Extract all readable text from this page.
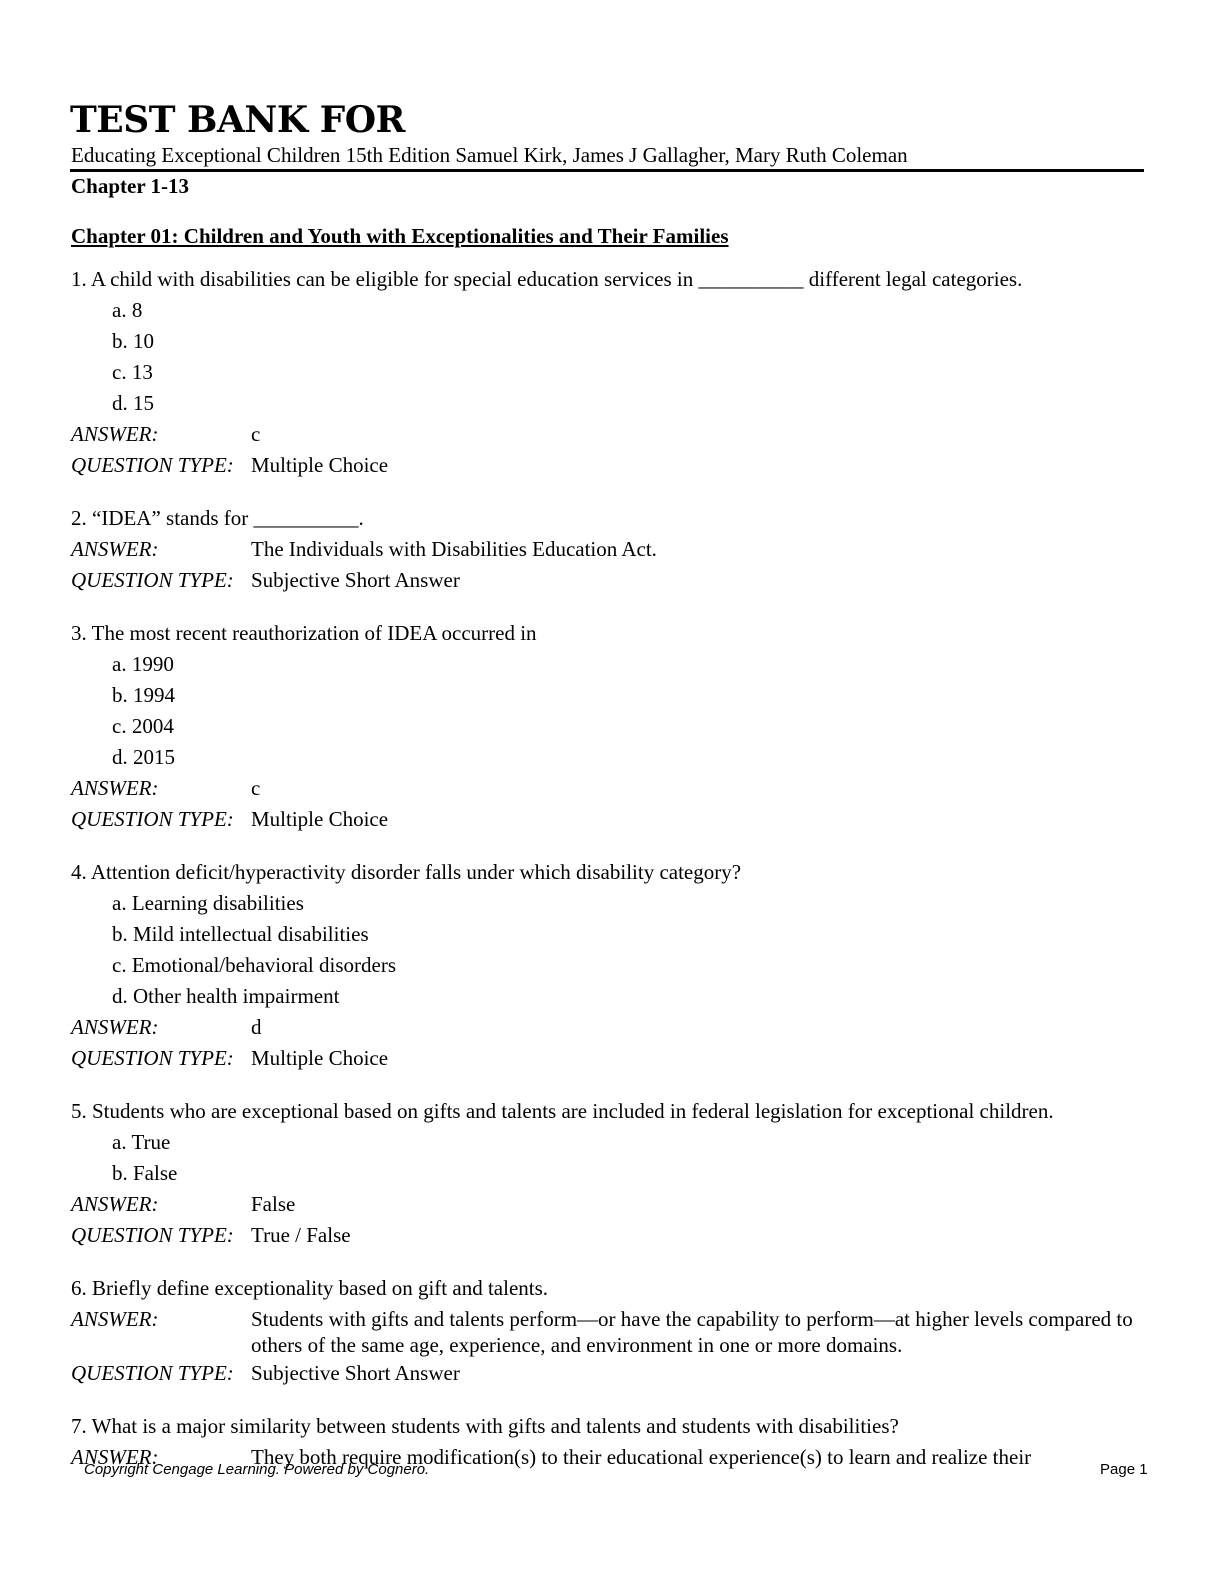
TEST BANK FOR

Educating Exceptional Children 15th Edition Samuel Kirk, James J Gallagher, Mary Ruth Coleman

Chapter 1-13

Chapter 01: Children and Youth with Exceptionalities and Their Families

1. A child with disabilities can be eligible for special education services in __________ different legal categories.
a. 8
b. 10
c. 13
d. 15
ANSWER:	c
QUESTION TYPE: Multiple Choice
2. “IDEA” stands for __________.
ANSWER:	The Individuals with Disabilities Education Act.
QUESTION TYPE: Subjective Short Answer
3. The most recent reauthorization of IDEA occurred in
a. 1990
b. 1994
c. 2004
d. 2015
ANSWER:	c
QUESTION TYPE: Multiple Choice
4. Attention deficit/hyperactivity disorder falls under which disability category?
a. Learning disabilities
b. Mild intellectual disabilities
c. Emotional/behavioral disorders
d. Other health impairment
ANSWER:	d
QUESTION TYPE: Multiple Choice
5. Students who are exceptional based on gifts and talents are included in federal legislation for exceptional children.
a. True
b. False
ANSWER:	False
QUESTION TYPE: True / False
6. Briefly define exceptionality based on gift and talents.
ANSWER:	Students with gifts and talents perform—or have the capability to perform—at higher levels compared to others of the same age, experience, and environment in one or more domains.
QUESTION TYPE: Subjective Short Answer
7. What is a major similarity between students with gifts and talents and students with disabilities?
ANSWER:	They both require modification(s) to their educational experience(s) to learn and realize their

Copyright Cengage Learning. Powered by Cognero.	Page 1
